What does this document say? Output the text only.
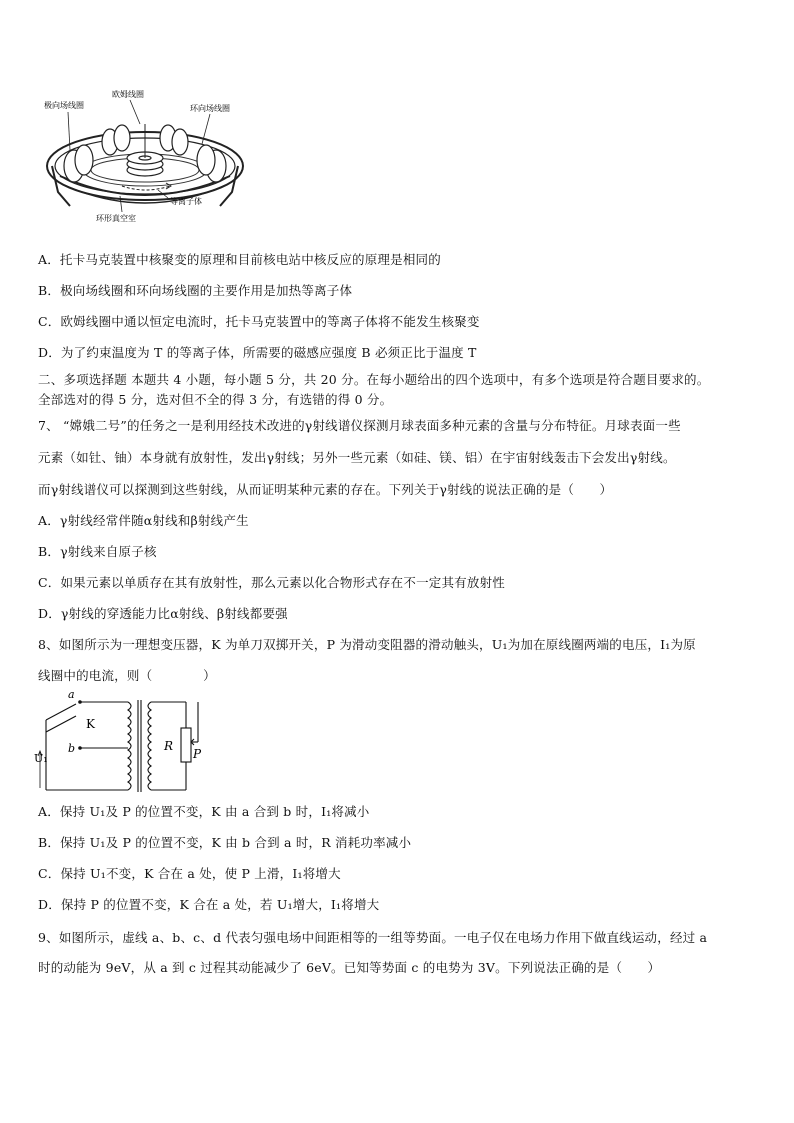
极向场线圈
欧姆线圈
环向场线圈
等离子体
环形真空室
A．托卡马克装置中核聚变的原理和目前核电站中核反应的原理是相同的
B．极向场线圈和环向场线圈的主要作用是加热等离子体
C．欧姆线圈中通以恒定电流时，托卡马克装置中的等离子体将不能发生核聚变
D．为了约束温度为 T 的等离子体，所需要的磁感应强度 B 必须正比于温度 T
二、多项选择题 本题共 4 小题，每小题 5 分，共 20 分。在每小题给出的四个选项中，有多个选项是符合题目要求的。
全部选对的得 5 分，选对但不全的得 3 分，有选错的得 0 分。
7、 “嫦娥二号”的任务之一是利用经技术改进的γ射线谱仪探测月球表面多种元素的含量与分布特征。月球表面一些
元素（如钍、铀）本身就有放射性，发出γ射线；另外一些元素（如硅、镁、铝）在宇宙射线轰击下会发出γ射线。
而γ射线谱仪可以探测到这些射线，从而证明某种元素的存在。下列关于γ射线的说法正确的是（　　）
A．γ射线经常伴随α射线和β射线产生
B．γ射线来自原子核
C．如果元素以单质存在其有放射性，那么元素以化合物形式存在不一定其有放射性
D．γ射线的穿透能力比α射线、β射线都要强
8、如图所示为一理想变压器，K 为单刀双掷开关，P 为滑动变阻器的滑动触头，U₁为加在原线圈两端的电压，I₁为原
线圈中的电流，则（　　　　）
a
b
K
U₁
R
P
A．保持 U₁及 P 的位置不变，K 由 a 合到 b 时，I₁将减小
B．保持 U₁及 P 的位置不变，K 由 b 合到 a 时，R 消耗功率减小
C．保持 U₁不变，K 合在 a 处，使 P 上滑，I₁将增大
D．保持 P 的位置不变，K 合在 a 处，若 U₁增大，I₁将增大
9、如图所示，虚线 a、b、c、d 代表匀强电场中间距相等的一组等势面。一电子仅在电场力作用下做直线运动，经过 a
时的动能为 9eV，从 a 到 c 过程其动能减少了 6eV。已知等势面 c 的电势为 3V。下列说法正确的是（　　）
